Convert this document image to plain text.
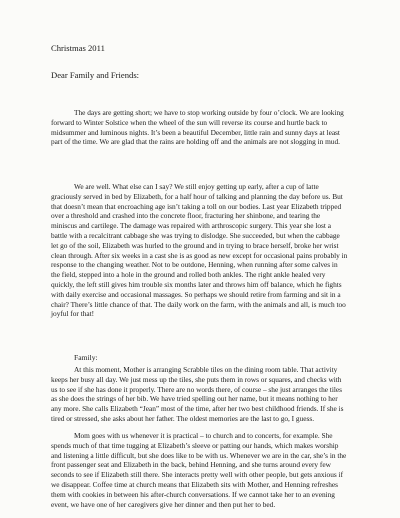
Christmas 2011
Dear Family and Friends:

The days are getting short; we have to stop working outside by four o’clock. We are looking forward to Winter Solstice when the wheel of the sun will reverse its course and hurtle back to midsummer and luminous nights. It’s been a beautiful December, little rain and sunny days at least part of the time. We are glad that the rains are holding off and the animals are not slogging in mud.

We are well. What else can I say? We still enjoy getting up early, after a cup of latte graciously served in bed by Elizabeth, for a half hour of talking and planning the day before us. But that doesn’t mean that encroaching age isn’t taking a toll on our bodies. Last year Elizabeth tripped over a threshold and crashed into the concrete floor, fracturing her shinbone, and tearing the miniscus and cartilege. The damage was repaired with arthroscopic surgery. This year she lost a battle with a recalcitrant cabbage she was trying to dislodge. She succeeded, but when the cabbage let go of the soil, Elizabeth was hurled to the ground and in trying to brace herself, broke her wrist clean through. After six weeks in a cast she is as good as new except for occasional pains probably in response to the changing weather. Not to be outdone, Henning, when running after some calves in the field, stepped into a hole in the ground and rolled both ankles. The right ankle healed very quickly, the left still gives him trouble six months later and throws him off balance, which he fights with daily exercise and occasional massages. So perhaps we should retire from farming and sit in a chair? There’s little chance of that. The daily work on the farm, with the animals and all, is much too joyful for that!

Family:

At this moment, Mother is arranging Scrabble tiles on the dining room table. That activity keeps her busy all day. We just mess up the tiles, she puts them in rows or squares, and checks with us to see if she has done it properly. There are no words there, of course – she just arranges the tiles as she does the strings of her bib. We have tried spelling out her name, but it means nothing to her any more. She calls Elizabeth “Jean” most of the time, after her two best childhood friends. If she is tired or stressed, she asks about her father. The oldest memories are the last to go, I guess.

Mom goes with us whenever it is practical – to church and to concerts, for example. She spends much of that time tugging at Elizabeth’s sleeve or patting our hands, which makes worship and listening a little difficult, but she does like to be with us. Whenever we are in the car, she’s in the front passenger seat and Elizabeth in the back, behind Henning, and she turns around every few seconds to see if Elizabeth still there. She interacts pretty well with other people, but gets anxious if we disappear. Coffee time at church means that Elizabeth sits with Mother, and Henning refreshes them with cookies in between his after-church conversations. If we cannot take her to an evening event, we have one of her caregivers give her dinner and then put her to bed.
